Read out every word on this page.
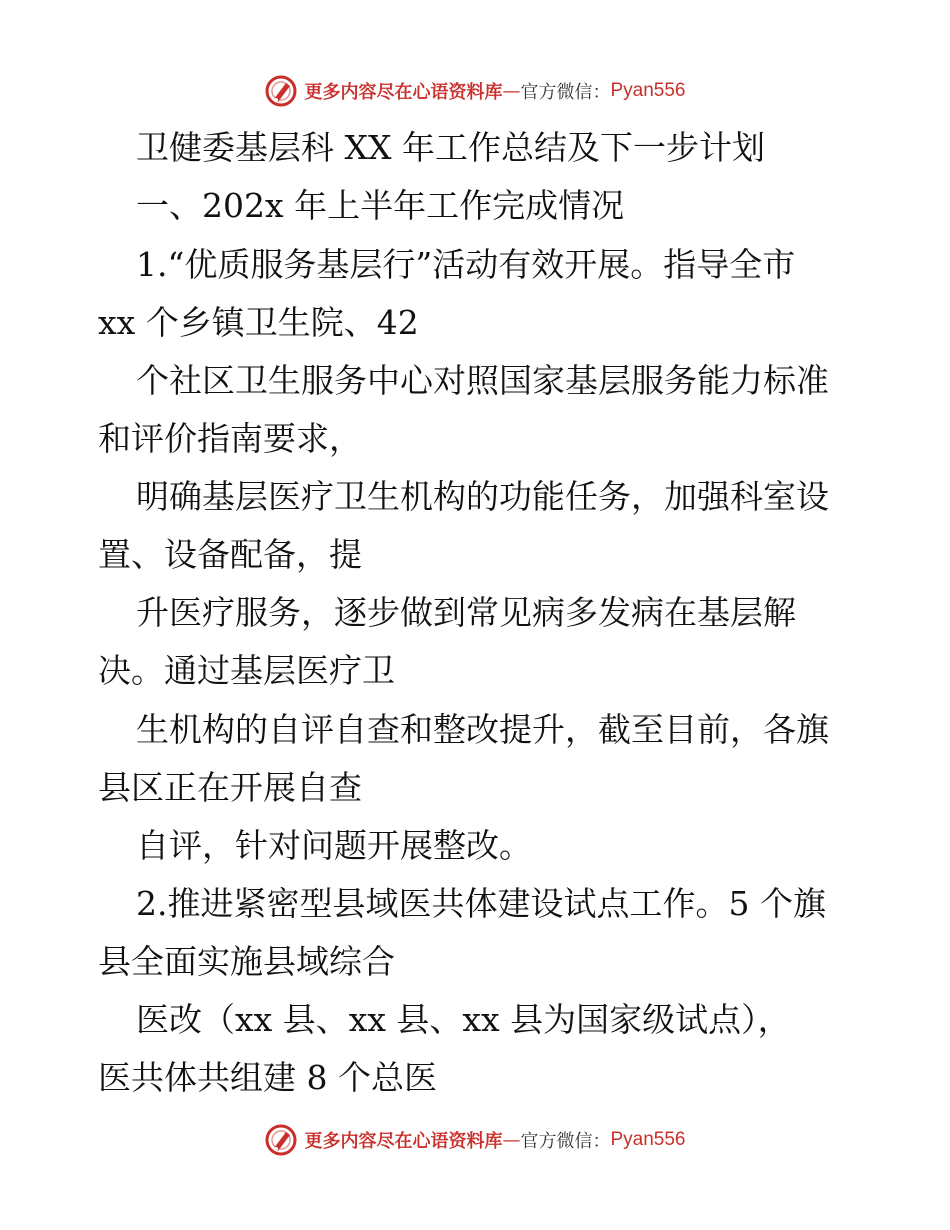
更多内容尽在心语资料库 — 官方微信： Pyan556
卫健委基层科 XX 年工作总结及下一步计划
一、202x 年上半年工作完成情况
1.“优质服务基层行”活动有效开展。指导全市
xx 个乡镇卫生院、42
个社区卫生服务中心对照国家基层服务能力标准
和评价指南要求，
明确基层医疗卫生机构的功能任务，加强科室设
置、设备配备，提
升医疗服务，逐步做到常见病多发病在基层解
决。通过基层医疗卫
生机构的自评自查和整改提升，截至目前，各旗
县区正在开展自查
自评，针对问题开展整改。
2.推进紧密型县域医共体建设试点工作。5 个旗
县全面实施县域综合
医改（xx 县、xx 县、xx 县为国家级试点），
医共体共组建 8 个总医
更多内容尽在心语资料库 — 官方微信： Pyan556
